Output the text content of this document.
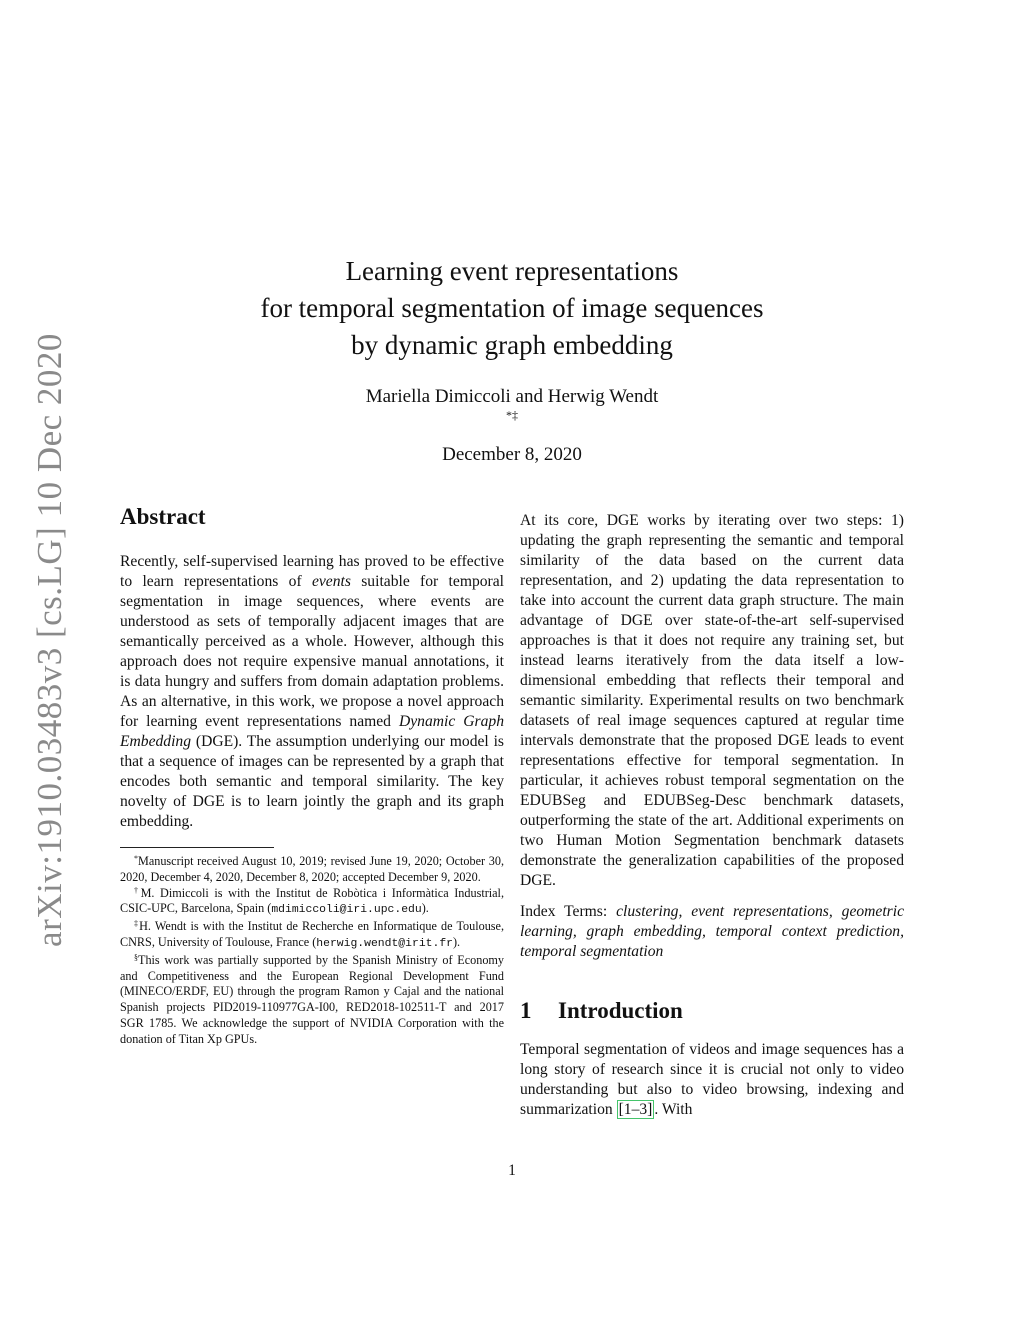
arXiv:1910.03483v3 [cs.LG] 10 Dec 2020
Learning event representations
for temporal segmentation of image sequences
by dynamic graph embedding
Mariella Dimiccoli and Herwig Wendt
*‡
December 8, 2020
Abstract

Recently, self-supervised learning has proved to be effective to learn representations of events suitable for temporal segmentation in image sequences, where events are understood as sets of temporally adjacent images that are semantically perceived as a whole. However, although this approach does not require expensive manual annotations, it is data hungry and suffers from domain adaptation problems. As an alternative, in this work, we propose a novel approach for learning event representations named Dynamic Graph Embedding (DGE). The assumption underlying our model is that a sequence of images can be represented by a graph that encodes both semantic and temporal similarity. The key novelty of DGE is to learn jointly the graph and its graph embedding.

*Manuscript received August 10, 2019; revised June 19, 2020; October 30, 2020, December 4, 2020, December 8, 2020; accepted December 9, 2020.

†M. Dimiccoli is with the Institut de Robòtica i Informàtica Industrial, CSIC-UPC, Barcelona, Spain (mdimiccoli@iri.upc.edu).

‡H. Wendt is with the Institut de Recherche en Informatique de Toulouse, CNRS, University of Toulouse, France (herwig.wendt@irit.fr).

§This work was partially supported by the Spanish Ministry of Economy and Competitiveness and the European Regional Development Fund (MINECO/ERDF, EU) through the program Ramon y Cajal and the national Spanish projects PID2019-110977GA-I00, RED2018-102511-T and 2017 SGR 1785. We acknowledge the support of NVIDIA Corporation with the donation of Titan Xp GPUs.

At its core, DGE works by iterating over two steps: 1) updating the graph representing the semantic and temporal similarity of the data based on the current data representation, and 2) updating the data representation to take into account the current data graph structure. The main advantage of DGE over state-of-the-art self-supervised approaches is that it does not require any training set, but instead learns iteratively from the data itself a low-dimensional embedding that reflects their temporal and semantic similarity. Experimental results on two benchmark datasets of real image sequences captured at regular time intervals demonstrate that the proposed DGE leads to event representations effective for temporal segmentation. In particular, it achieves robust temporal segmentation on the EDUBSeg and EDUBSeg-Desc benchmark datasets, outperforming the state of the art. Additional experiments on two Human Motion Segmentation benchmark datasets demonstrate the generalization capabilities of the proposed DGE.

Index Terms: clustering, event representations, geometric learning, graph embedding, temporal context prediction, temporal segmentation

1 Introduction

Temporal segmentation of videos and image sequences has a long story of research since it is crucial not only to video understanding but also to video browsing, indexing and summarization [1–3] . With

1
